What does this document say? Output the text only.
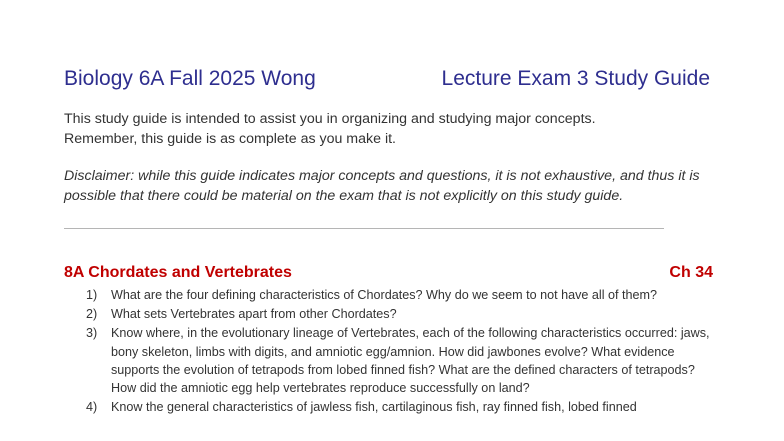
Biology 6A Fall 2025 Wong	Lecture Exam 3 Study Guide

This study guide is intended to assist you in organizing and studying major concepts.

Remember, this guide is as complete as you make it.

Disclaimer: while this guide indicates major concepts and questions, it is not exhaustive, and thus it is possible that there could be material on the exam that is not explicitly on this study guide.

8A Chordates and Vertebrates	Ch 34
1) What are the four defining characteristics of Chordates? Why do we seem to not have all of them?
2) What sets Vertebrates apart from other Chordates?
3) Know where, in the evolutionary lineage of Vertebrates, each of the following characteristics occurred: jaws, bony skeleton, limbs with digits, and amniotic egg/amnion. How did jawbones evolve? What evidence supports the evolution of tetrapods from lobed finned fish? What are the defined characters of tetrapods? How did the amniotic egg help vertebrates reproduce successfully on land?
4) Know the general characteristics of jawless fish, cartilaginous fish, ray finned fish, lobed finned
